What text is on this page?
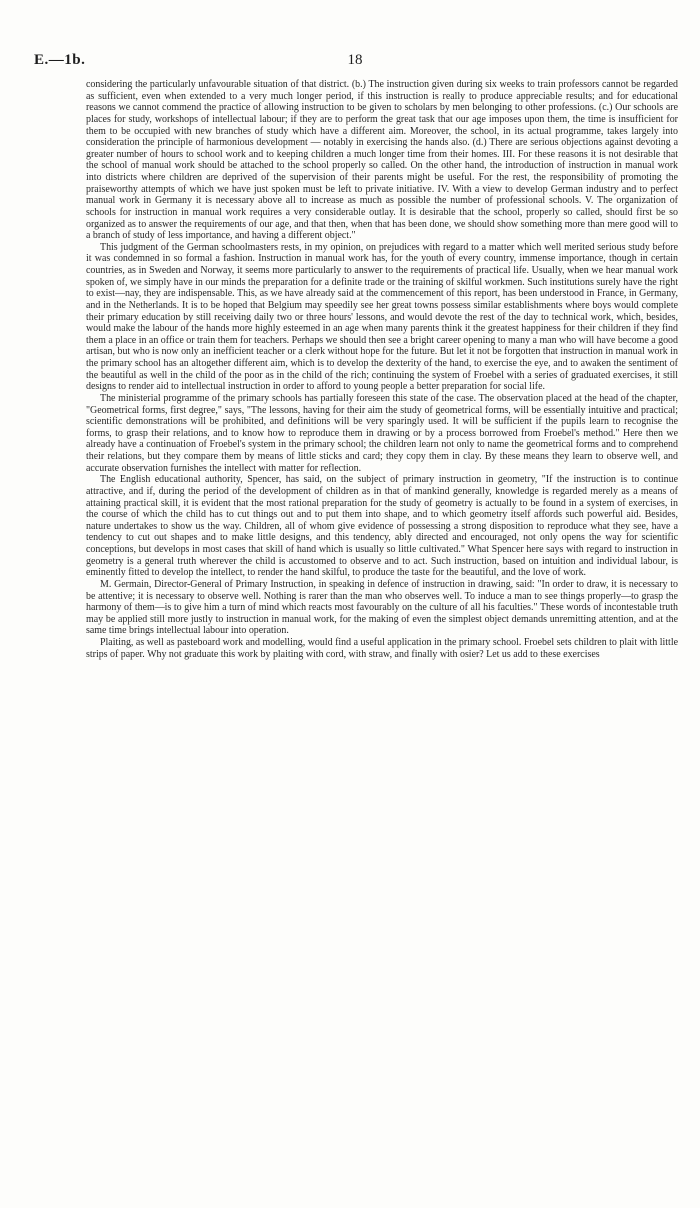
E.—1b.	18

considering the particularly unfavourable situation of that district. (b.) The instruction given during six weeks to train professors cannot be regarded as sufficient, even when extended to a very much longer period, if this instruction is really to produce appreciable results; and for educational reasons we cannot commend the practice of allowing instruction to be given to scholars by men belonging to other professions. (c.) Our schools are places for study, workshops of intellectual labour; if they are to perform the great task that our age imposes upon them, the time is insufficient for them to be occupied with new branches of study which have a different aim. Moreover, the school, in its actual programme, takes largely into consideration the principle of harmonious development — notably in exercising the hands also. (d.) There are serious objections against devoting a greater number of hours to school work and to keeping children a much longer time from their homes. III. For these reasons it is not desirable that the school of manual work should be attached to the school properly so called. On the other hand, the introduction of instruction in manual work into districts where children are deprived of the supervision of their parents might be useful. For the rest, the responsibility of promoting the praiseworthy attempts of which we have just spoken must be left to private initiative. IV. With a view to develop German industry and to perfect manual work in Germany it is necessary above all to increase as much as possible the number of professional schools. V. The organization of schools for instruction in manual work requires a very considerable outlay. It is desirable that the school, properly so called, should first be so organized as to answer the requirements of our age, and that then, when that has been done, we should show something more than mere good will to a branch of study of less importance, and having a different object."

This judgment of the German schoolmasters rests, in my opinion, on prejudices with regard to a matter which well merited serious study before it was condemned in so formal a fashion. Instruction in manual work has, for the youth of every country, immense importance, though in certain countries, as in Sweden and Norway, it seems more particularly to answer to the requirements of practical life. Usually, when we hear manual work spoken of, we simply have in our minds the preparation for a definite trade or the training of skilful workmen. Such institutions surely have the right to exist—nay, they are indispensable. This, as we have already said at the commencement of this report, has been understood in France, in Germany, and in the Netherlands. It is to be hoped that Belgium may speedily see her great towns possess similar establishments where boys would complete their primary education by still receiving daily two or three hours' lessons, and would devote the rest of the day to technical work, which, besides, would make the labour of the hands more highly esteemed in an age when many parents think it the greatest happiness for their children if they find them a place in an office or train them for teachers. Perhaps we should then see a bright career opening to many a man who will have become a good artisan, but who is now only an inefficient teacher or a clerk without hope for the future. But let it not be forgotten that instruction in manual work in the primary school has an altogether different aim, which is to develop the dexterity of the hand, to exercise the eye, and to awaken the sentiment of the beautiful as well in the child of the poor as in the child of the rich; continuing the system of Froebel with a series of graduated exercises, it still designs to render aid to intellectual instruction in order to afford to young people a better preparation for social life.

The ministerial programme of the primary schools has partially foreseen this state of the case. The observation placed at the head of the chapter, "Geometrical forms, first degree," says, "The lessons, having for their aim the study of geometrical forms, will be essentially intuitive and practical; scientific demonstrations will be prohibited, and definitions will be very sparingly used. It will be sufficient if the pupils learn to recognise the forms, to grasp their relations, and to know how to reproduce them in drawing or by a process borrowed from Froebel's method." Here then we already have a continuation of Froebel's system in the primary school; the children learn not only to name the geometrical forms and to comprehend their relations, but they compare them by means of little sticks and card; they copy them in clay. By these means they learn to observe well, and accurate observation furnishes the intellect with matter for reflection.

The English educational authority, Spencer, has said, on the subject of primary instruction in geometry, "If the instruction is to continue attractive, and if, during the period of the development of children as in that of mankind generally, knowledge is regarded merely as a means of attaining practical skill, it is evident that the most rational preparation for the study of geometry is actually to be found in a system of exercises, in the course of which the child has to cut things out and to put them into shape, and to which geometry itself affords such powerful aid. Besides, nature undertakes to show us the way. Children, all of whom give evidence of possessing a strong disposition to reproduce what they see, have a tendency to cut out shapes and to make little designs, and this tendency, ably directed and encouraged, not only opens the way for scientific conceptions, but develops in most cases that skill of hand which is usually so little cultivated." What Spencer here says with regard to instruction in geometry is a general truth wherever the child is accustomed to observe and to act. Such instruction, based on intuition and individual labour, is eminently fitted to develop the intellect, to render the hand skilful, to produce the taste for the beautiful, and the love of work.

M. Germain, Director-General of Primary Instruction, in speaking in defence of instruction in drawing, said: "In order to draw, it is necessary to be attentive; it is necessary to observe well. Nothing is rarer than the man who observes well. To induce a man to see things properly—to grasp the harmony of them—is to give him a turn of mind which reacts most favourably on the culture of all his faculties." These words of incontestable truth may be applied still more justly to instruction in manual work, for the making of even the simplest object demands unremitting attention, and at the same time brings intellectual labour into operation.

Plaiting, as well as pasteboard work and modelling, would find a useful application in the primary school. Froebel sets children to plait with little strips of paper. Why not graduate this work by plaiting with cord, with straw, and finally with osier? Let us add to these exercises
